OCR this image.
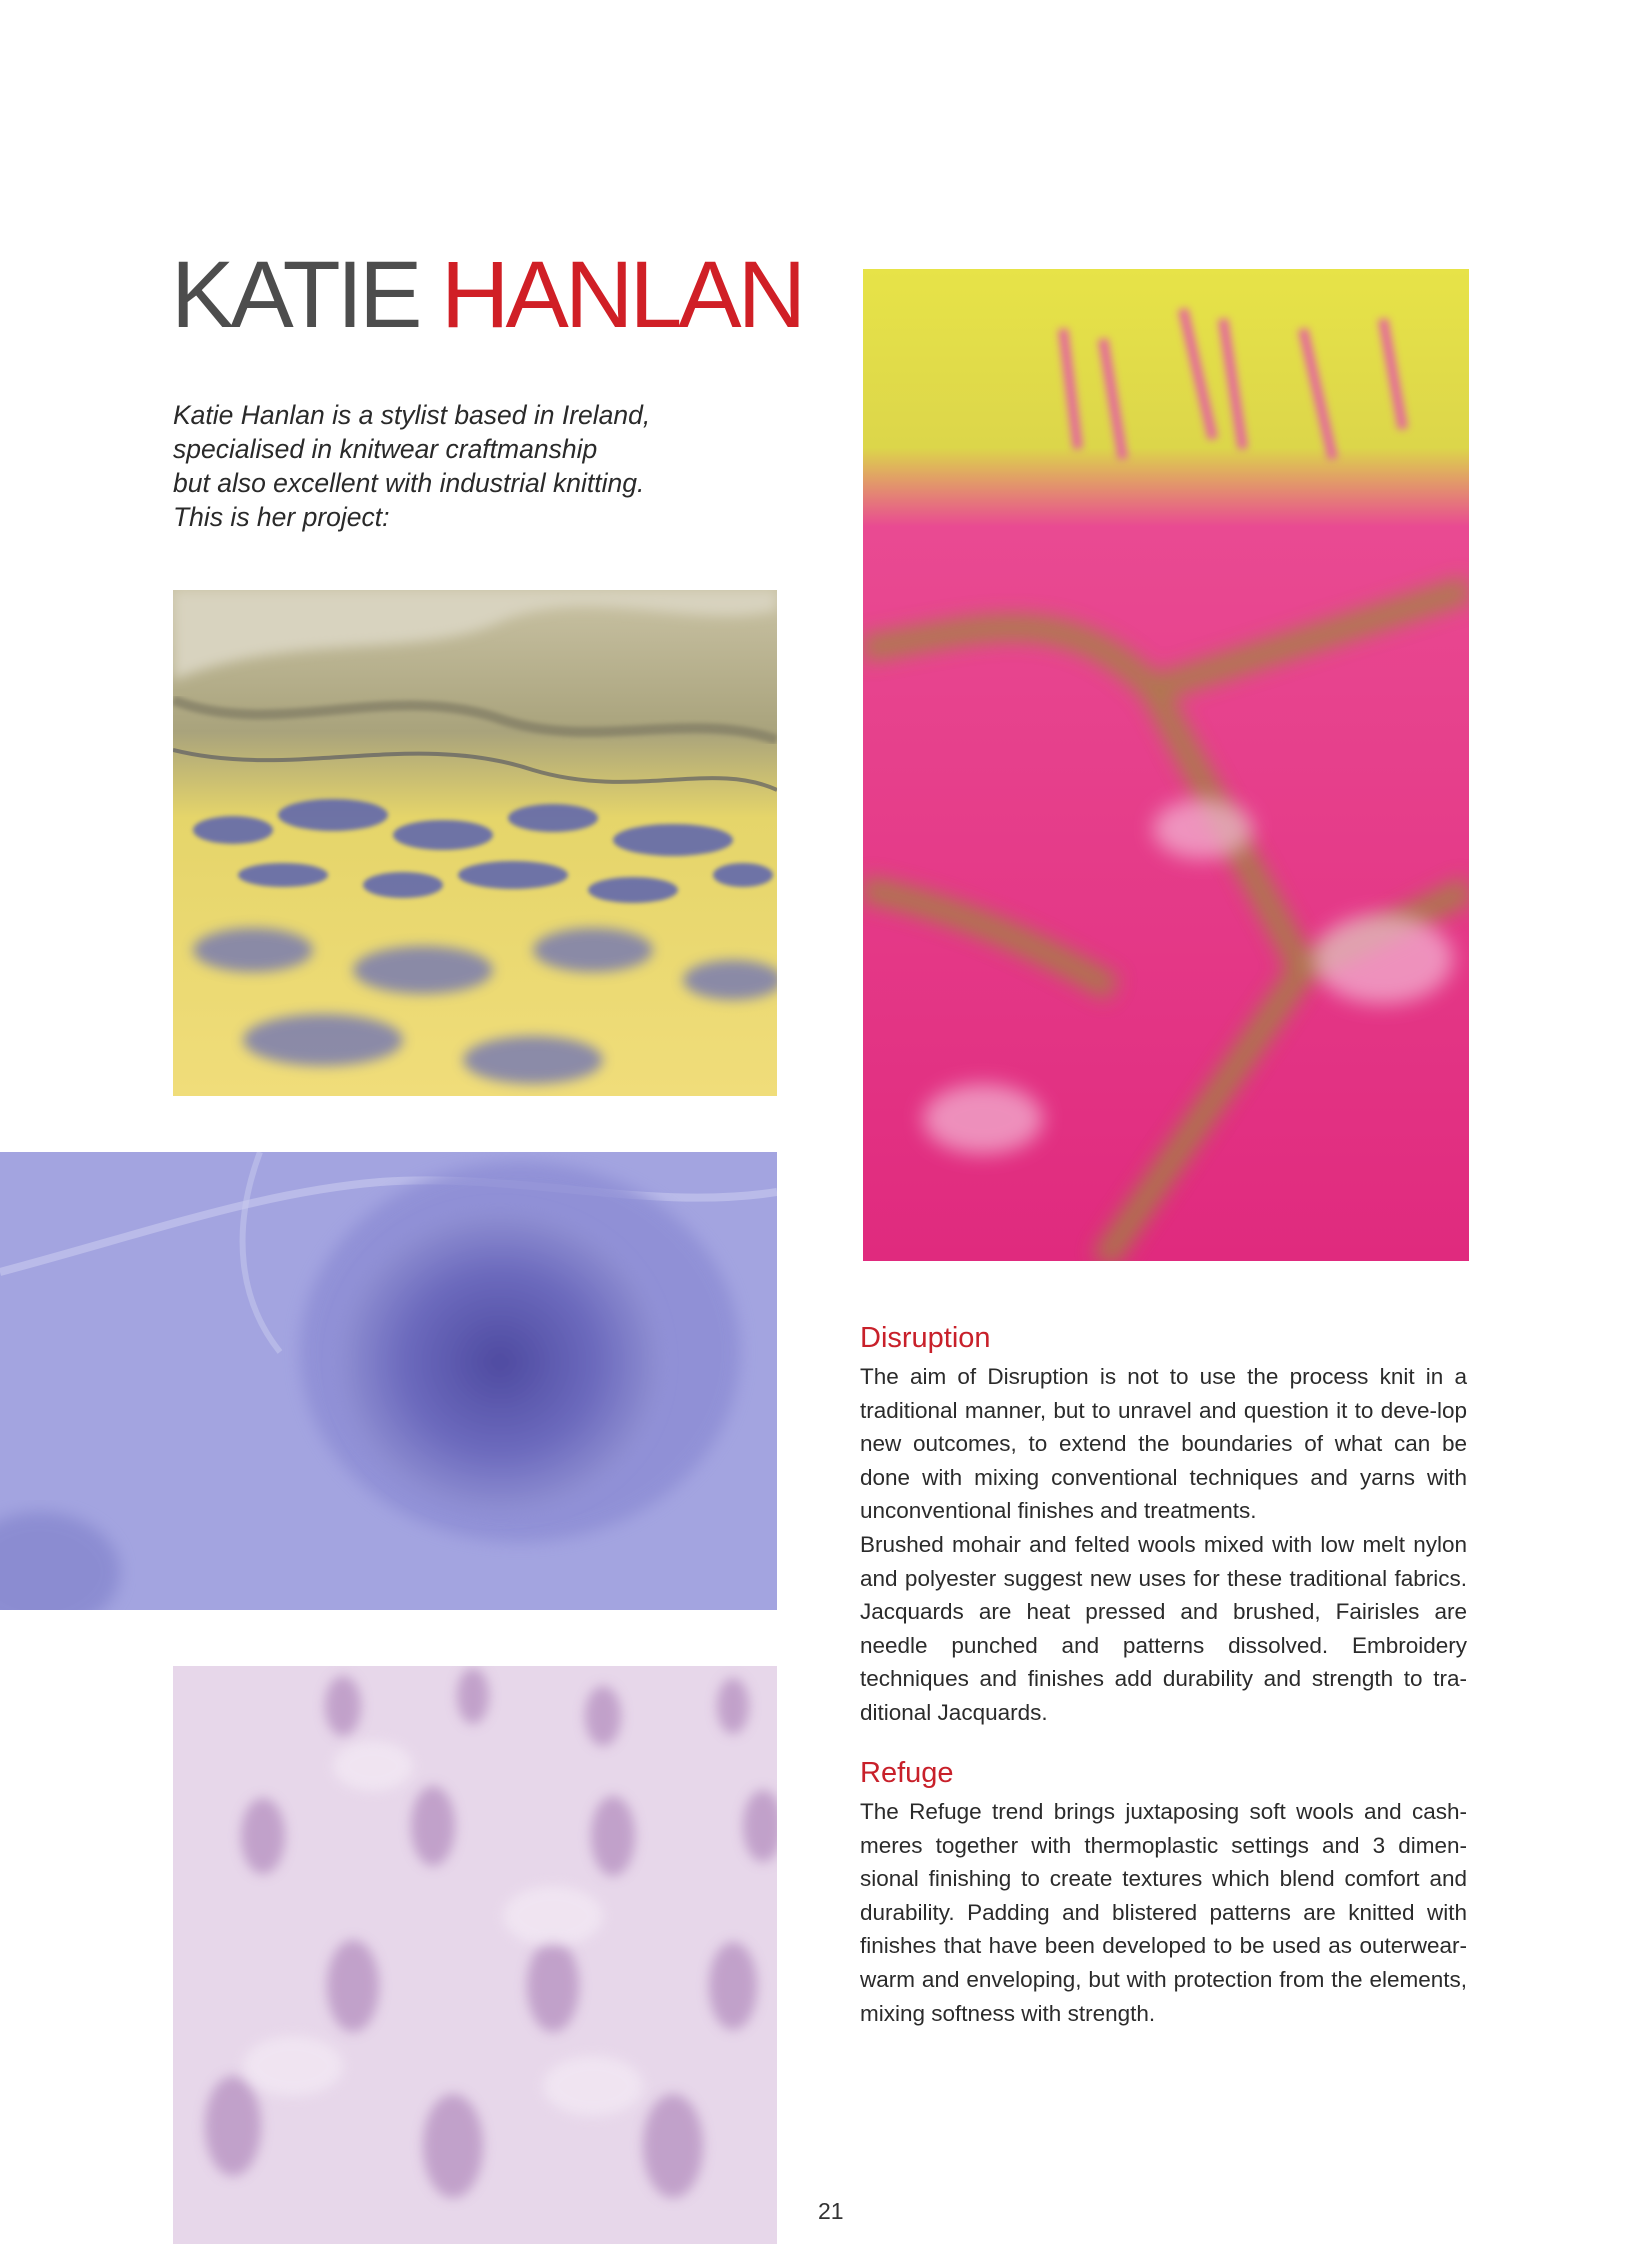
KATIE HANLAN

Katie Hanlan is a stylist based in Ireland,
specialised in knitwear craftmanship
but also excellent with industrial knitting.
This is her project:

Disruption

The aim of Disruption is not to use the process knit in a traditional manner, but to unravel and question it to deve-lop new outcomes, to extend the boundaries of what can be done with mixing conventional techniques and yarns with unconventional finishes and treatments.
Brushed mohair and felted wools mixed with low melt nylon and polyester suggest new uses for these traditional fabrics. Jacquards are heat pressed and brushed, Fairisles are needle punched and patterns dissolved. Embroidery techniques and finishes add durability and strength to tra-ditional Jacquards.

Refuge

The Refuge trend brings juxtaposing soft wools and cash-meres together with thermoplastic settings and 3 dimen-sional finishing to create textures which blend comfort and durability. Padding and blistered patterns are knitted with finishes that have been developed to be used as outerwear- warm and enveloping, but with protection from the elements, mixing softness with strength.

21
